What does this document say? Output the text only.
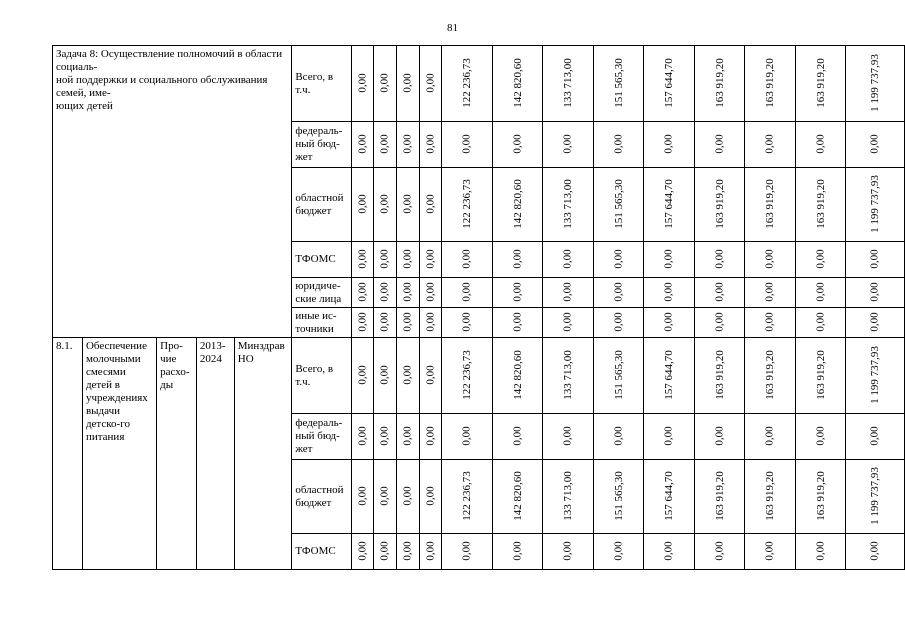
81
Задача 8: Осуществление полномочий в области социаль-
ной поддержки и социального обслуживания семей, име-
ющих детей					Всего, в т.ч.	0,00	0,00	0,00	0,00	122 236,73	142 820,60	133 713,00	151 565,30	157 644,70	163 919,20	163 919,20	163 919,20	1 199 737,93
					федераль-ный бюд-жет	0,00	0,00	0,00	0,00	0,00	0,00	0,00	0,00	0,00	0,00	0,00	0,00	0,00
					областной бюджет	0,00	0,00	0,00	0,00	122 236,73	142 820,60	133 713,00	151 565,30	157 644,70	163 919,20	163 919,20	163 919,20	1 199 737,93
					ТФОМС	0,00	0,00	0,00	0,00	0,00	0,00	0,00	0,00	0,00	0,00	0,00	0,00	0,00
					юридиче-ские лица	0,00	0,00	0,00	0,00	0,00	0,00	0,00	0,00	0,00	0,00	0,00	0,00	0,00
					иные ис-точники	0,00	0,00	0,00	0,00	0,00	0,00	0,00	0,00	0,00	0,00	0,00	0,00	0,00
8.1.	Обеспечение молочными смесями детей в учреждениях выдачи детско-го питания	Про-чие расхо-ды	2013-2024	Минздрав НО	Всего, в т.ч.	0,00	0,00	0,00	0,00	122 236,73	142 820,60	133 713,00	151 565,30	157 644,70	163 919,20	163 919,20	163 919,20	1 199 737,93
					федераль-ный бюд-жет	0,00	0,00	0,00	0,00	0,00	0,00	0,00	0,00	0,00	0,00	0,00	0,00	0,00
					областной бюджет	0,00	0,00	0,00	0,00	122 236,73	142 820,60	133 713,00	151 565,30	157 644,70	163 919,20	163 919,20	163 919,20	1 199 737,93
					ТФОМС	0,00	0,00	0,00	0,00	0,00	0,00	0,00	0,00	0,00	0,00	0,00	0,00	0,00
